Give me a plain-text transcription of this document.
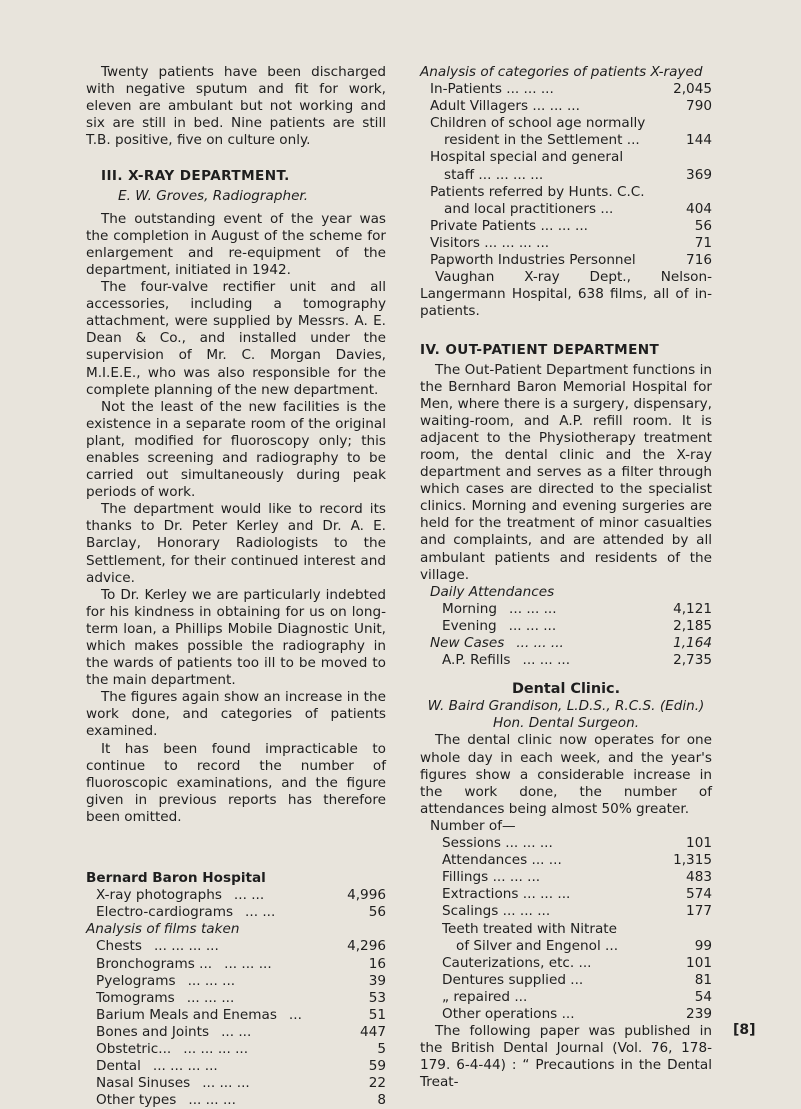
Twenty patients have been discharged with negative sputum and fit for work, eleven are ambulant but not working and six are still in bed. Nine patients are still T.B. positive, five on culture only.

III. X-RAY DEPARTMENT.
E. W. Groves, Radiographer.

The outstanding event of the year was the completion in August of the scheme for enlargement and re-equipment of the department, initiated in 1942.

The four-valve rectifier unit and all accessories, including a tomography attachment, were supplied by Messrs. A. E. Dean & Co., and installed under the supervision of Mr. C. Morgan Davies, M.I.E.E., who was also responsible for the complete planning of the new department.

Not the least of the new facilities is the existence in a separate room of the original plant, modified for fluoroscopy only; this enables screening and radiography to be carried out simultaneously during peak periods of work.

The department would like to record its thanks to Dr. Peter Kerley and Dr. A. E. Barclay, Honorary Radiologists to the Settlement, for their continued interest and advice.

To Dr. Kerley we are particularly indebted for his kindness in obtaining for us on long-term loan, a Phillips Mobile Diagnostic Unit, which makes possible the radiography in the wards of patients too ill to be moved to the main department.

The figures again show an increase in the work done, and categories of patients examined.

It has been found impracticable to continue to record the number of fluoroscopic examinations, and the figure given in previous reports has therefore been omitted.

Bernard Baron Hospital
X-ray photographs ... ...	4,996
Electro-cardiograms ... ...	56
Analysis of films taken
Chests ... ... ... ...	4,296
Bronchograms ... ... ... ...	16
Pyelograms ... ... ...	39
Tomograms ... ... ...	53
Barium Meals and Enemas ...	51
Bones and Joints ... ...	447
Obstetric... ... ... ... ...	5
Dental ... ... ... ...	59
Nasal Sinuses ... ... ...	22
Other types ... ... ...	8
Analysis of categories of patients X-rayed
In-Patients ... ... ...	2,045
Adult Villagers ... ... ...	790
Children of school age normally
resident in the Settlement ...	144
Hospital special and general
staff ... ... ... ...	369
Patients referred by Hunts. C.C.
and local practitioners ...	404
Private Patients ... ... ...	56
Visitors ... ... ... ...	71
Papworth Industries Personnel	716

Vaughan X-ray Dept., Nelson-Langermann Hospital, 638 films, all of in-patients.

IV. OUT-PATIENT DEPARTMENT

The Out-Patient Department functions in the Bernhard Baron Memorial Hospital for Men, where there is a surgery, dispensary, waiting-room, and A.P. refill room. It is adjacent to the Physiotherapy treatment room, the dental clinic and the X-ray department and serves as a filter through which cases are directed to the specialist clinics. Morning and evening surgeries are held for the treatment of minor casualties and complaints, and are attended by all ambulant patients and residents of the village.

Daily Attendances
Morning ... ... ...	4,121
Evening ... ... ...	2,185
New Cases ... ... ...	1,164
A.P. Refills ... ... ...	2,735
Dental Clinic.
W. Baird Grandison, L.D.S., R.C.S. (Edin.)
Hon. Dental Surgeon.

The dental clinic now operates for one whole day in each week, and the year's figures show a considerable increase in the work done, the number of attendances being almost 50% greater.

Number of—
Sessions ... ... ...	101
Attendances ... ...	1,315
Fillings ... ... ...	483
Extractions ... ... ...	574
Scalings ... ... ...	177
Teeth treated with Nitrate
of Silver and Engenol ...	99
Cauterizations, etc. ...	101
Dentures supplied ...	81
„ repaired ...	54
Other operations ...	239

The following paper was published in the British Dental Journal (Vol. 76, 178-179. 6-4-44) : “ Precautions in the Dental Treat-

[8]
